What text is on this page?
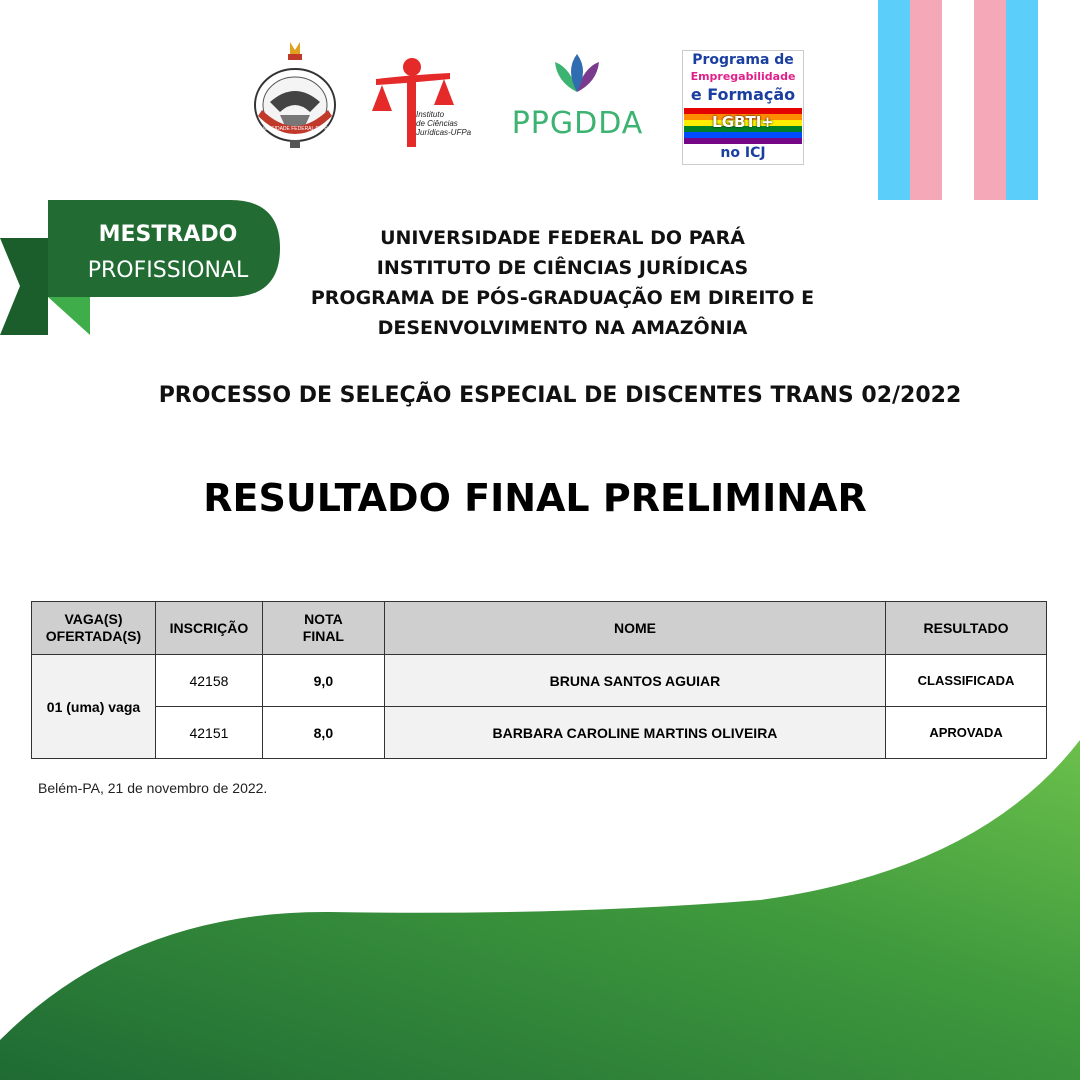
UNIVERSIDADE FEDERAL DO PARÁ
Instituto
de Ciências
Jurídicas-UFPa	PPGDDA
Programa de
Empregabilidade
e Formação
LGBTI+
no ICJ
MESTRADO
PROFISSIONAL
UNIVERSIDADE FEDERAL DO PARÁ
INSTITUTO DE CIÊNCIAS JURÍDICAS
PROGRAMA DE PÓS-GRADUAÇÃO EM DIREITO E
DESENVOLVIMENTO NA AMAZÔNIA
PROCESSO DE SELEÇÃO ESPECIAL DE DISCENTES TRANS 02/2022
RESULTADO FINAL PRELIMINAR
VAGA(S) OFERTADA(S)	INSCRIÇÃO	NOTA FINAL	NOME	RESULTADO
01 (uma) vaga	42158	9,0	BRUNA SANTOS AGUIAR	CLASSIFICADA
	42151	8,0	BARBARA CAROLINE MARTINS OLIVEIRA	APROVADA
Belém-PA, 21 de novembro de 2022.
